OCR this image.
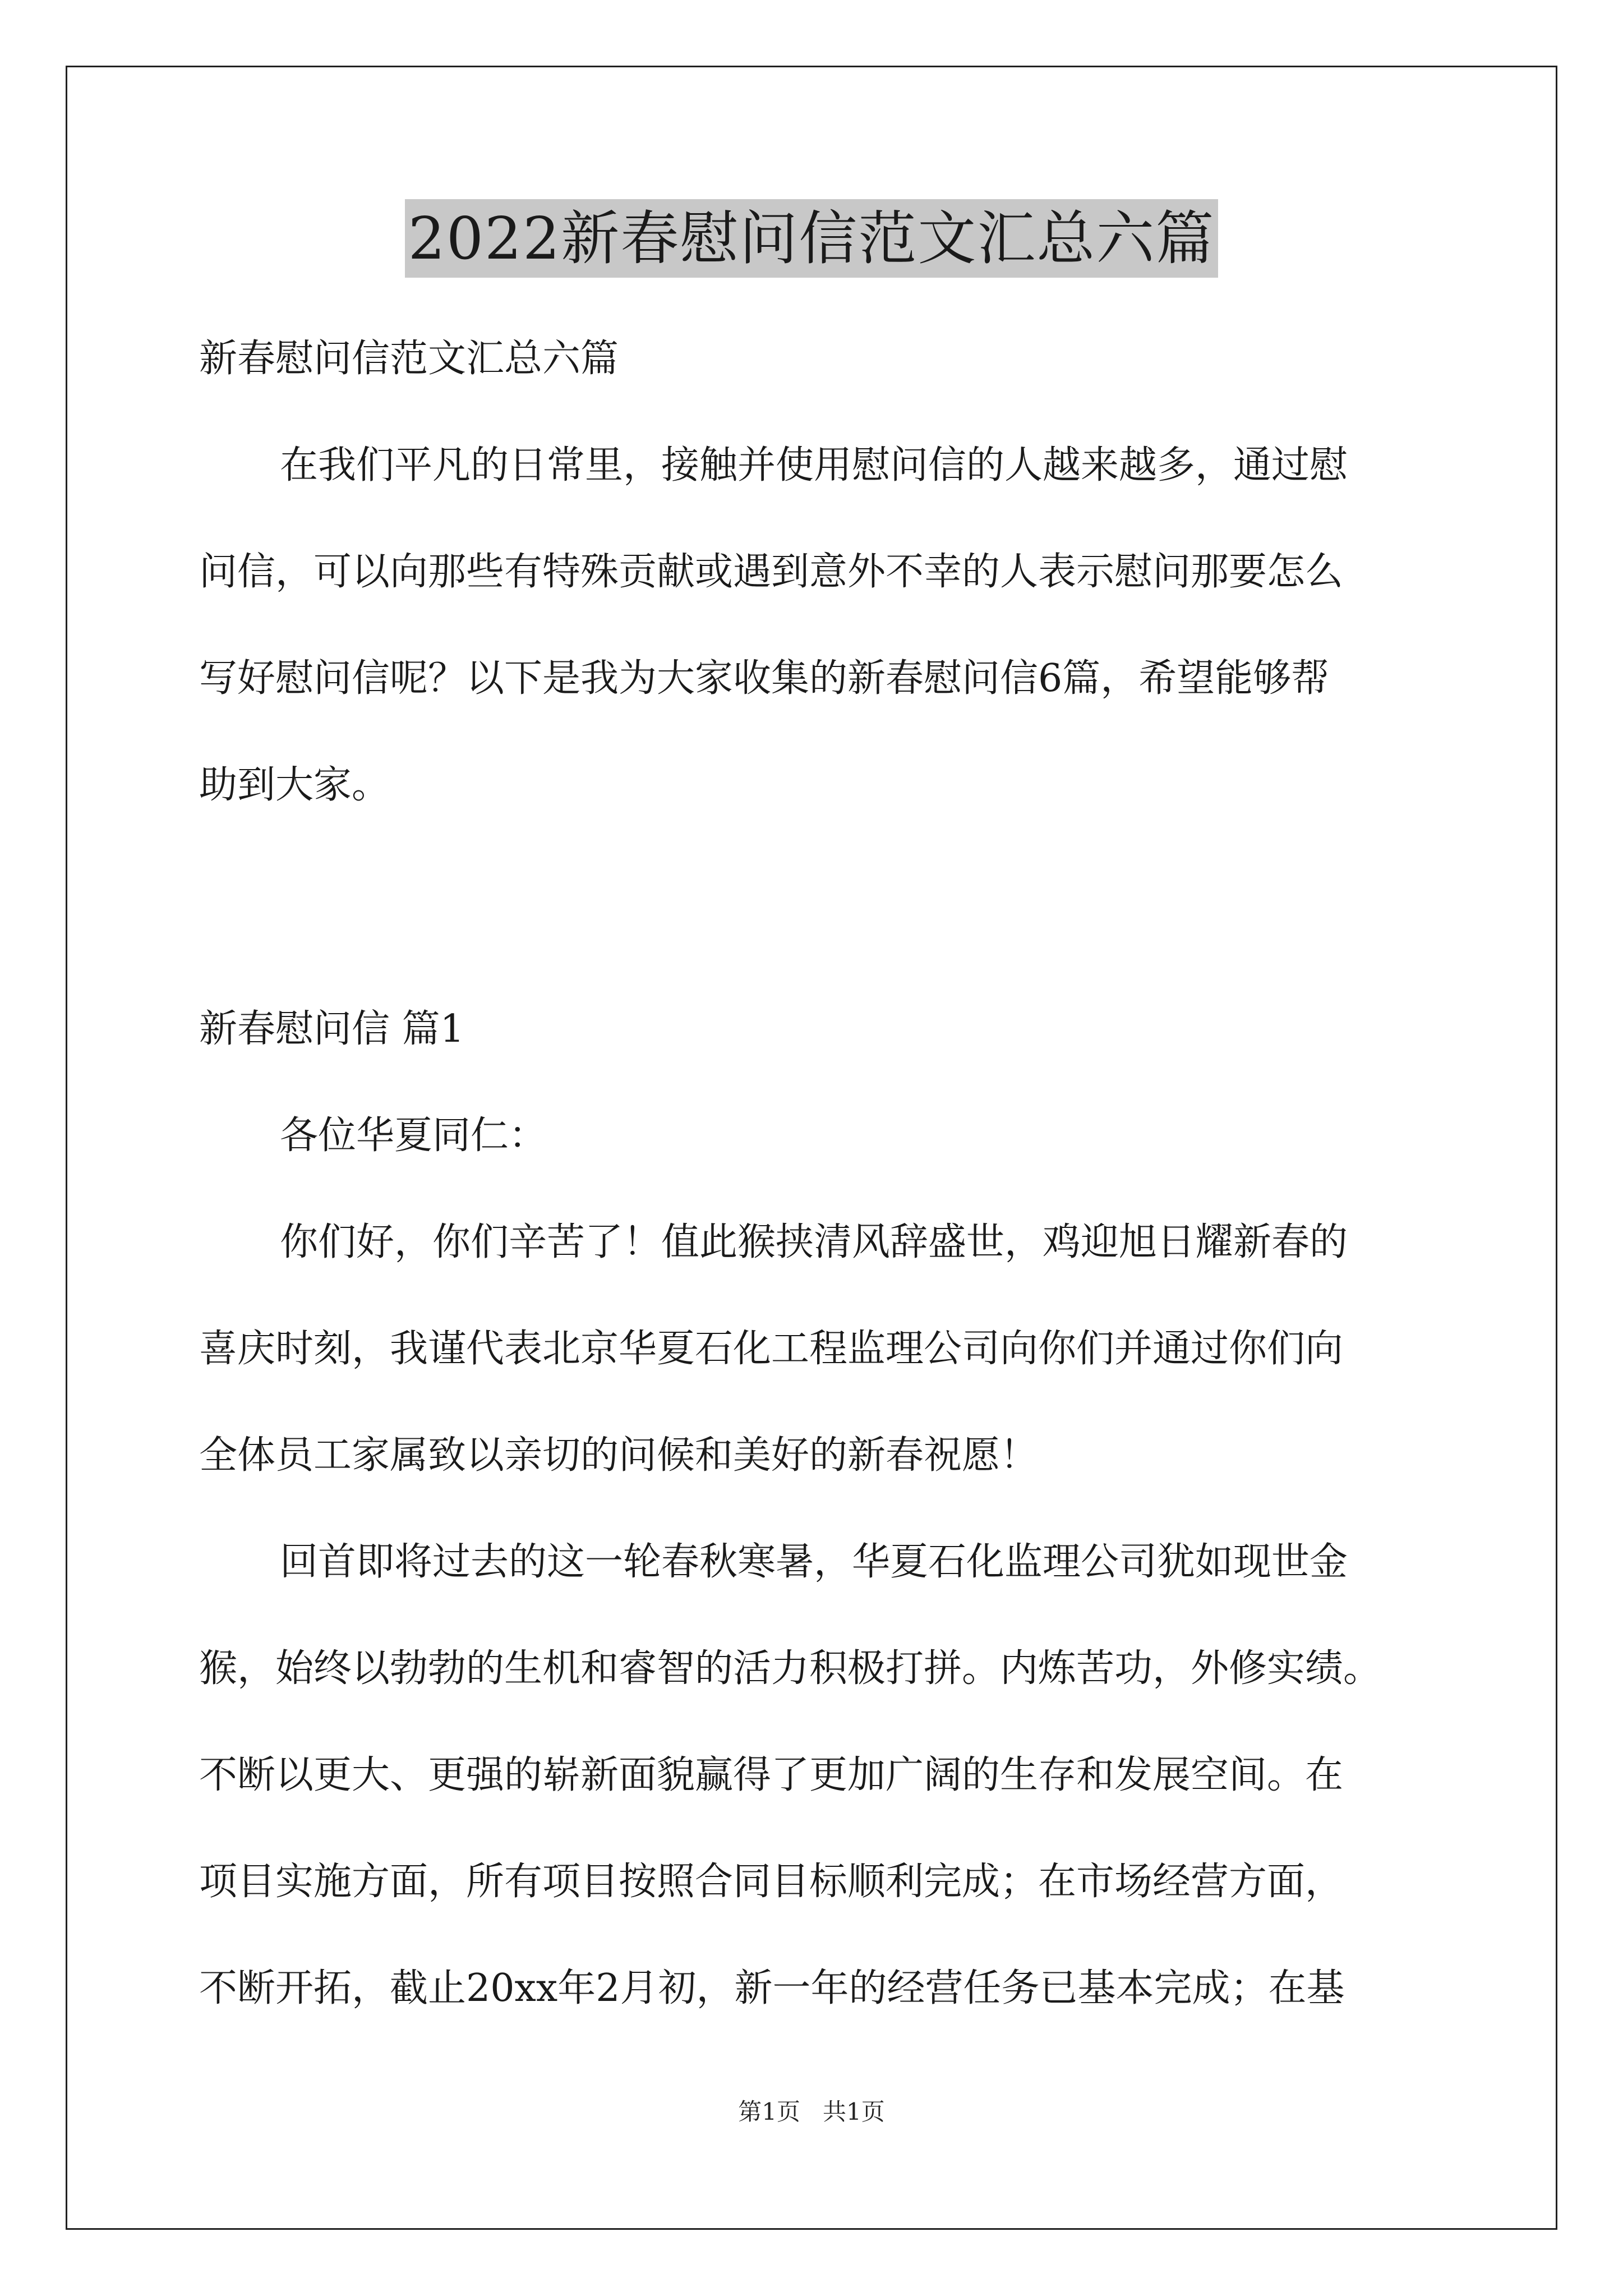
2022新春慰问信范文汇总六篇
新春慰问信范文汇总六篇
在我们平凡的日常里，接触并使用慰问信的人越来越多，通过慰
问信，可以向那些有特殊贡献或遇到意外不幸的人表示慰问那要怎么
写好慰问信呢？以下是我为大家收集的新春慰问信6篇，希望能够帮
助到大家。
新春慰问信 篇1
各位华夏同仁：
你们好，你们辛苦了！值此猴挟清风辞盛世，鸡迎旭日耀新春的
喜庆时刻，我谨代表北京华夏石化工程监理公司向你们并通过你们向
全体员工家属致以亲切的问候和美好的新春祝愿！
回首即将过去的这一轮春秋寒暑，华夏石化监理公司犹如现世金
猴，始终以勃勃的生机和睿智的活力积极打拼。内炼苦功，外修实绩。
不断以更大、更强的崭新面貌赢得了更加广阔的生存和发展空间。在
项目实施方面，所有项目按照合同目标顺利完成；在市场经营方面，
不断开拓，截止20xx年2月初，新一年的经营任务已基本完成；在基
第1页   共1页
